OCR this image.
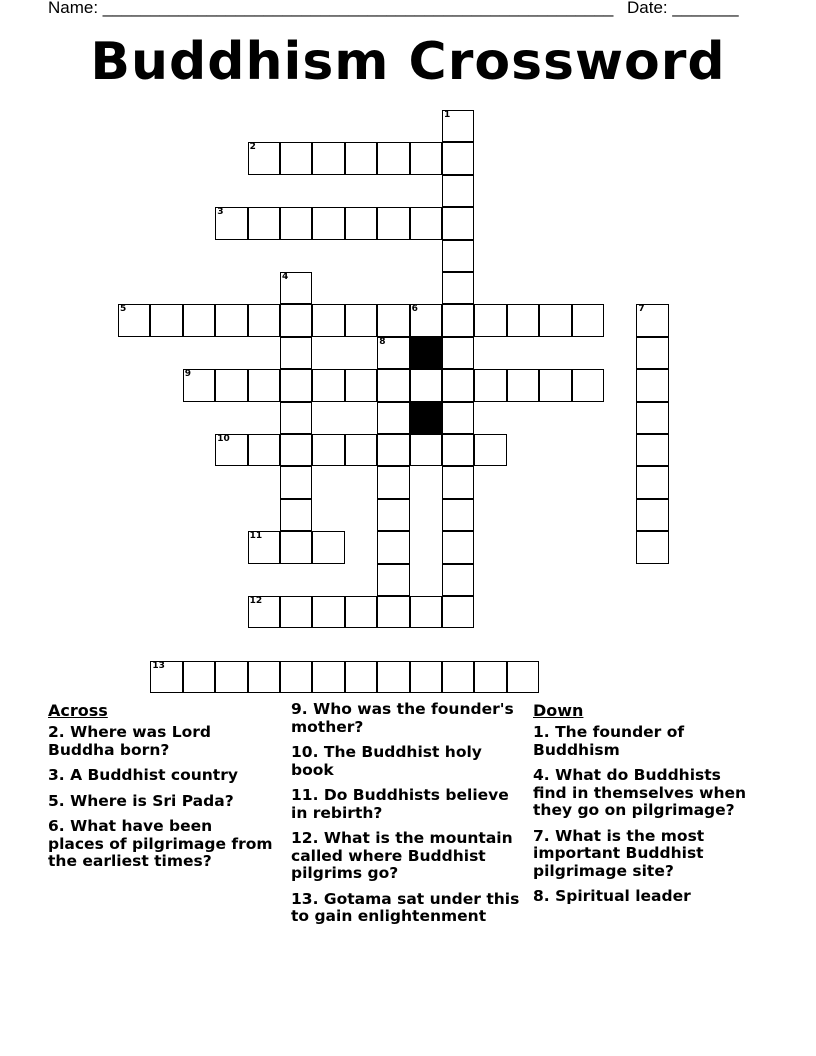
Name: ______________________________________________________ Date: _______
Buddhism Crossword
1
2
3
4
5	6	7
8
9
10
11
12
13
Across
2. Where was Lord Buddha born?
3. A Buddhist country
5. Where is Sri Pada?
6. What have been places of pilgrimage from the earliest times?
9. Who was the founder's mother?
10. The Buddhist holy book
11. Do Buddhists believe in rebirth?
12. What is the mountain called where Buddhist pilgrims go?
13. Gotama sat under this to gain enlightenment
Down
1. The founder of Buddhism
4. What do Buddhists find in themselves when they go on pilgrimage?
7. What is the most important Buddhist pilgrimage site?
8. Spiritual leader
